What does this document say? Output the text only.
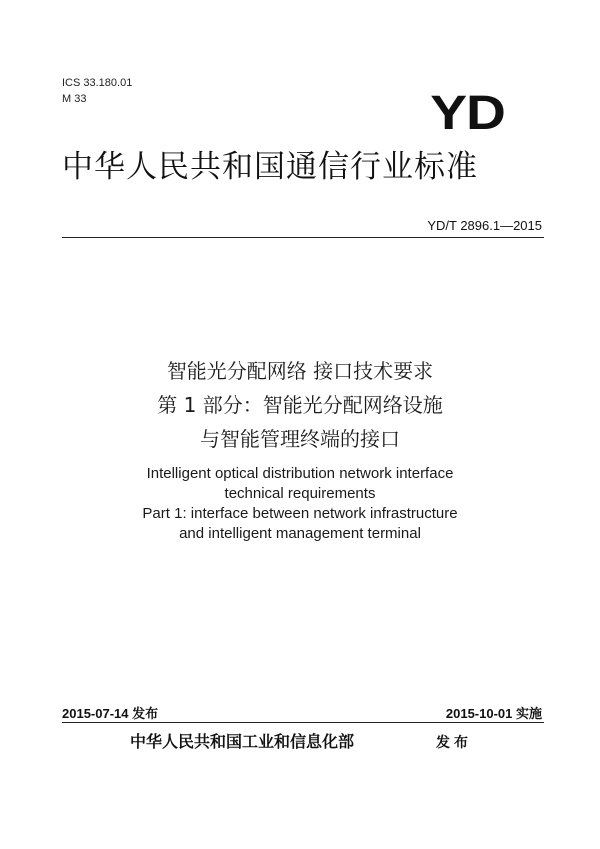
ICS 33.180.01
M 33	YD
中华人民共和国通信行业标准
YD/T 2896.1—2015
智能光分配网络 接口技术要求
第 1 部分：智能光分配网络设施
与智能管理终端的接口
Intelligent optical distribution network interface
technical requirements
Part 1: interface between network infrastructure
and intelligent management terminal
2015-07-14 发布	2015-10-01 实施
中华人民共和国工业和信息化部	发布
